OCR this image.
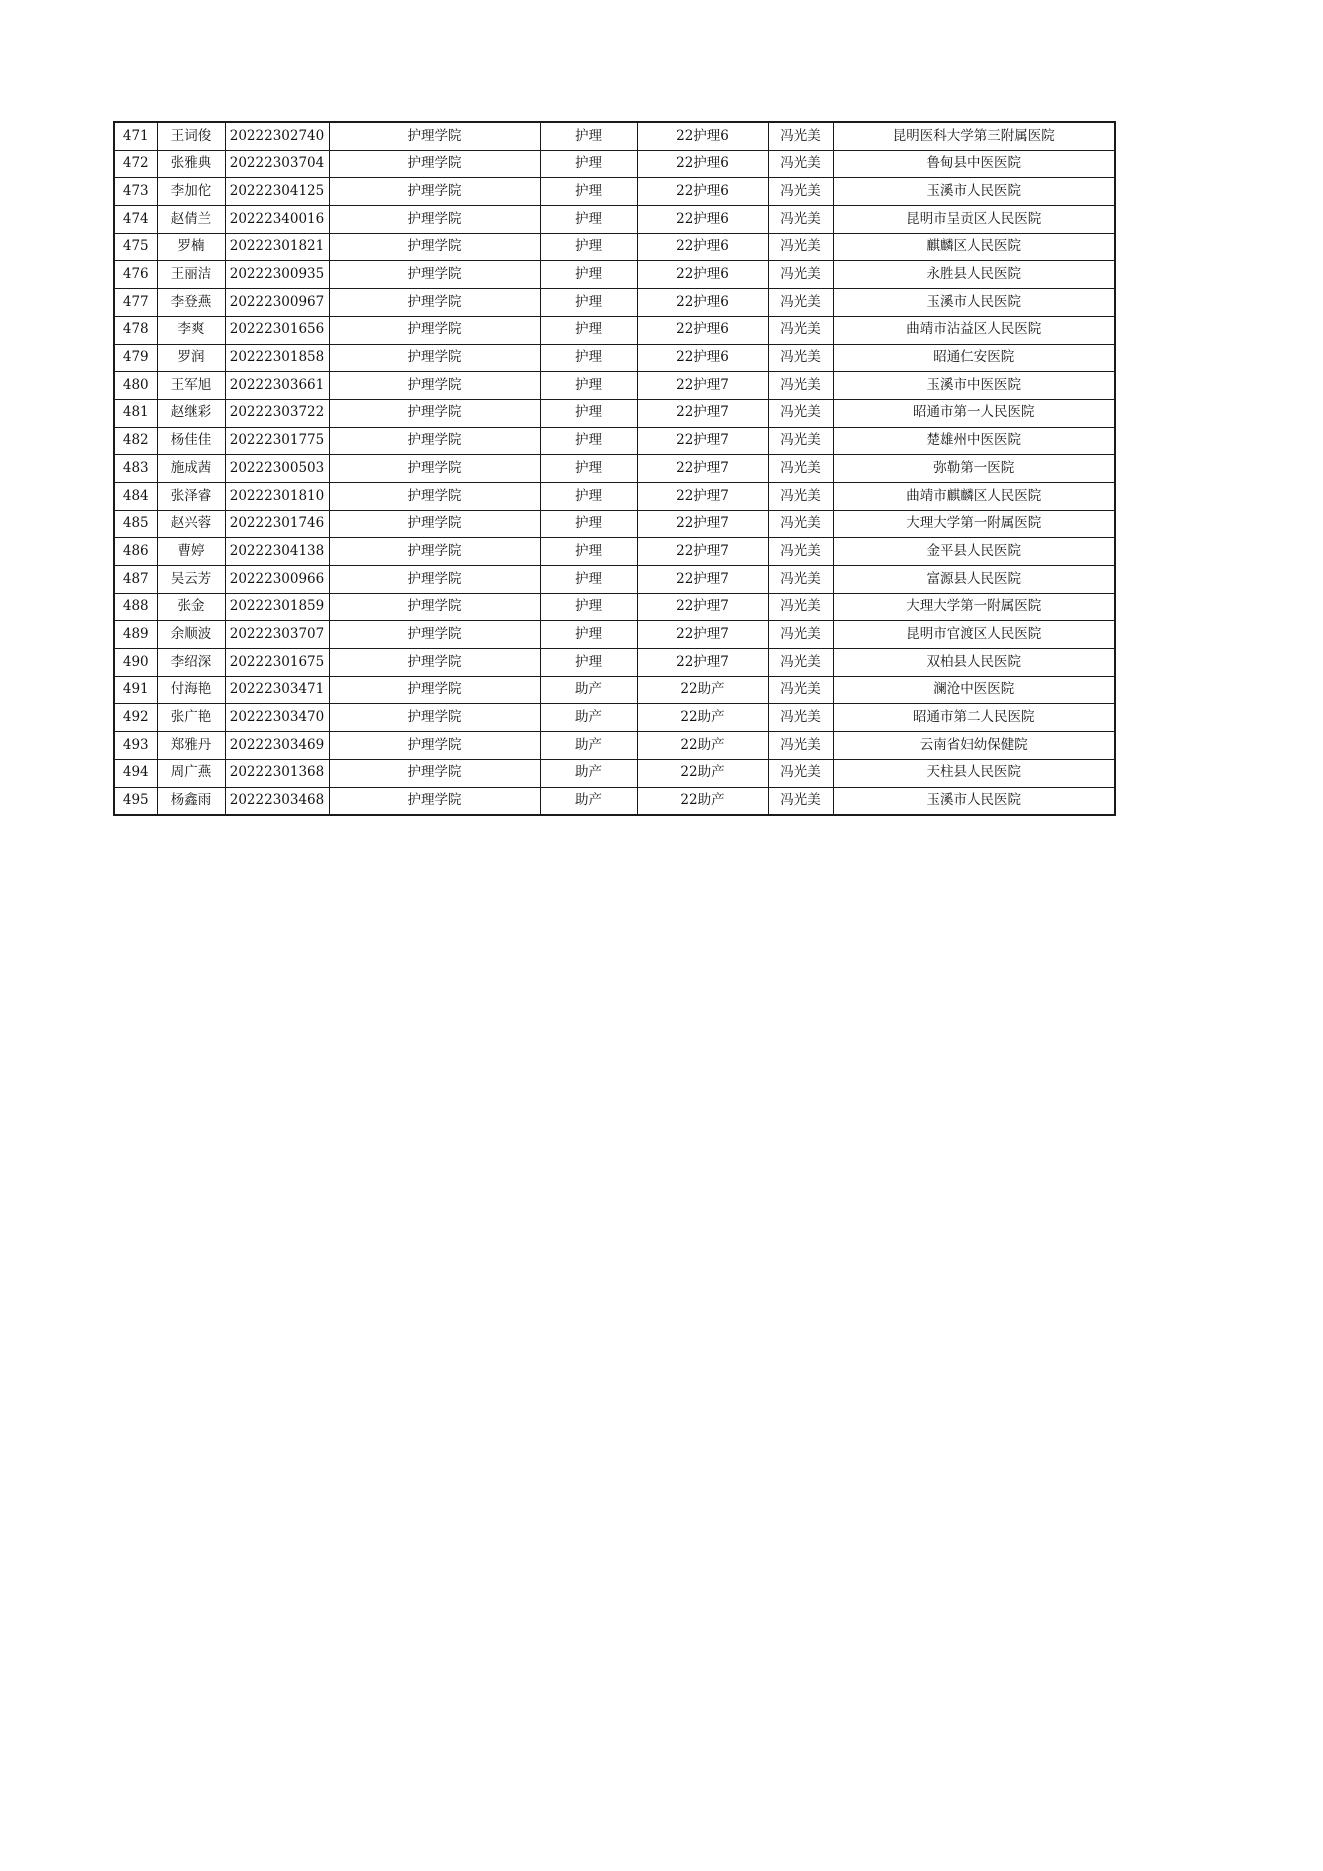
471	王词俊	20222302740	护理学院	护理	22护理6	冯光美	昆明医科大学第三附属医院
472	张雅典	20222303704	护理学院	护理	22护理6	冯光美	鲁甸县中医医院
473	李加佗	20222304125	护理学院	护理	22护理6	冯光美	玉溪市人民医院
474	赵倩兰	20222340016	护理学院	护理	22护理6	冯光美	昆明市呈贡区人民医院
475	罗楠	20222301821	护理学院	护理	22护理6	冯光美	麒麟区人民医院
476	王丽洁	20222300935	护理学院	护理	22护理6	冯光美	永胜县人民医院
477	李登燕	20222300967	护理学院	护理	22护理6	冯光美	玉溪市人民医院
478	李爽	20222301656	护理学院	护理	22护理6	冯光美	曲靖市沾益区人民医院
479	罗润	20222301858	护理学院	护理	22护理6	冯光美	昭通仁安医院
480	王军旭	20222303661	护理学院	护理	22护理7	冯光美	玉溪市中医医院
481	赵继彩	20222303722	护理学院	护理	22护理7	冯光美	昭通市第一人民医院
482	杨佳佳	20222301775	护理学院	护理	22护理7	冯光美	楚雄州中医医院
483	施成茜	20222300503	护理学院	护理	22护理7	冯光美	弥勒第一医院
484	张泽睿	20222301810	护理学院	护理	22护理7	冯光美	曲靖市麒麟区人民医院
485	赵兴蓉	20222301746	护理学院	护理	22护理7	冯光美	大理大学第一附属医院
486	曹婷	20222304138	护理学院	护理	22护理7	冯光美	金平县人民医院
487	吴云芳	20222300966	护理学院	护理	22护理7	冯光美	富源县人民医院
488	张金	20222301859	护理学院	护理	22护理7	冯光美	大理大学第一附属医院
489	余顺波	20222303707	护理学院	护理	22护理7	冯光美	昆明市官渡区人民医院
490	李绍深	20222301675	护理学院	护理	22护理7	冯光美	双柏县人民医院
491	付海艳	20222303471	护理学院	助产	22助产	冯光美	澜沧中医医院
492	张广艳	20222303470	护理学院	助产	22助产	冯光美	昭通市第二人民医院
493	郑雅丹	20222303469	护理学院	助产	22助产	冯光美	云南省妇幼保健院
494	周广燕	20222301368	护理学院	助产	22助产	冯光美	天柱县人民医院
495	杨鑫雨	20222303468	护理学院	助产	22助产	冯光美	玉溪市人民医院
